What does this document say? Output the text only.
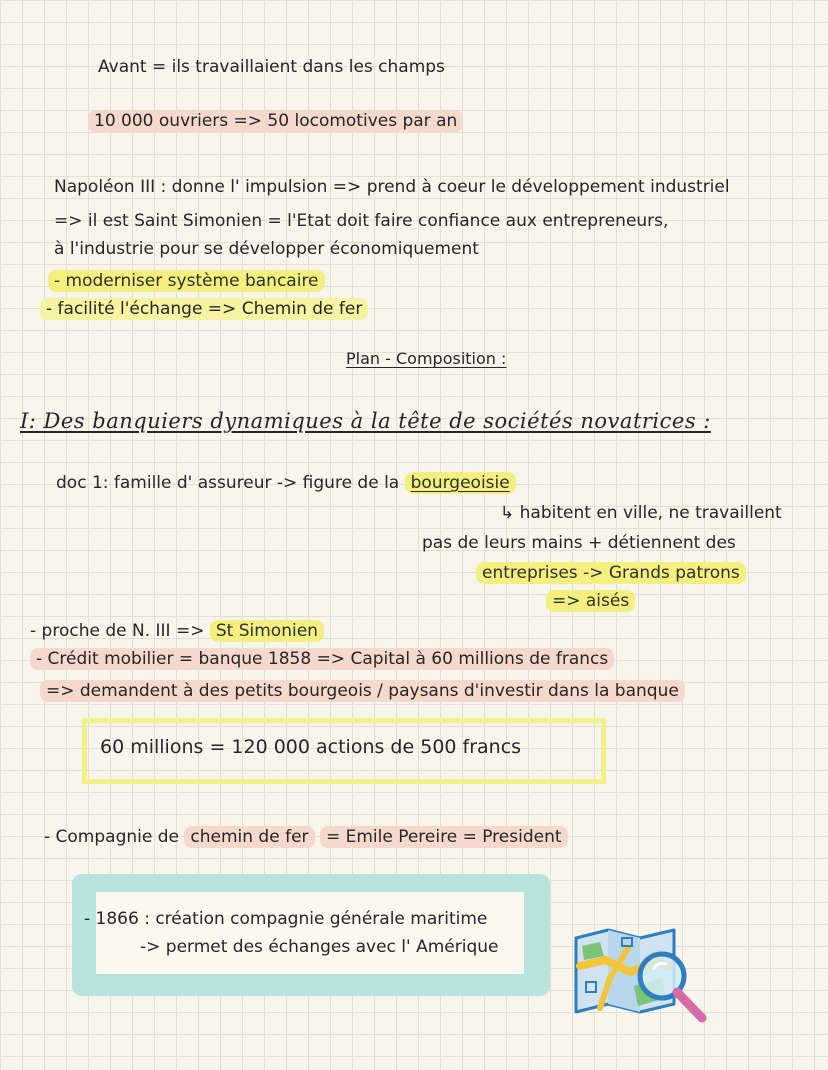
Avant = ils travaillaient dans les champs
10 000 ouvriers => 50 locomotives par an
Napoléon III : donne l' impulsion => prend à coeur le développement industriel
=> il est Saint Simonien = l'Etat doit faire confiance aux entrepreneurs,
à l'industrie pour se développer économiquement
- moderniser système bancaire
- facilité l'échange => Chemin de fer
Plan - Composition :
I: Des banquiers dynamiques à la tête de sociétés novatrices :
doc 1: famille d' assureur -> figure de la bourgeoisie
↳ habitent en ville, ne travaillent
pas de leurs mains + détiennent des
entreprises -> Grands patrons
=> aisés
- proche de N. III => St Simonien
- Crédit mobilier = banque 1858 => Capital à 60 millions de francs
=> demandent à des petits bourgeois / paysans d'investir dans la banque
60 millions = 120 000 actions de 500 francs
- Compagnie de chemin de fer = Emile Pereire = President
- 1866 : création compagnie générale maritime
-> permet des échanges avec l' Amérique
